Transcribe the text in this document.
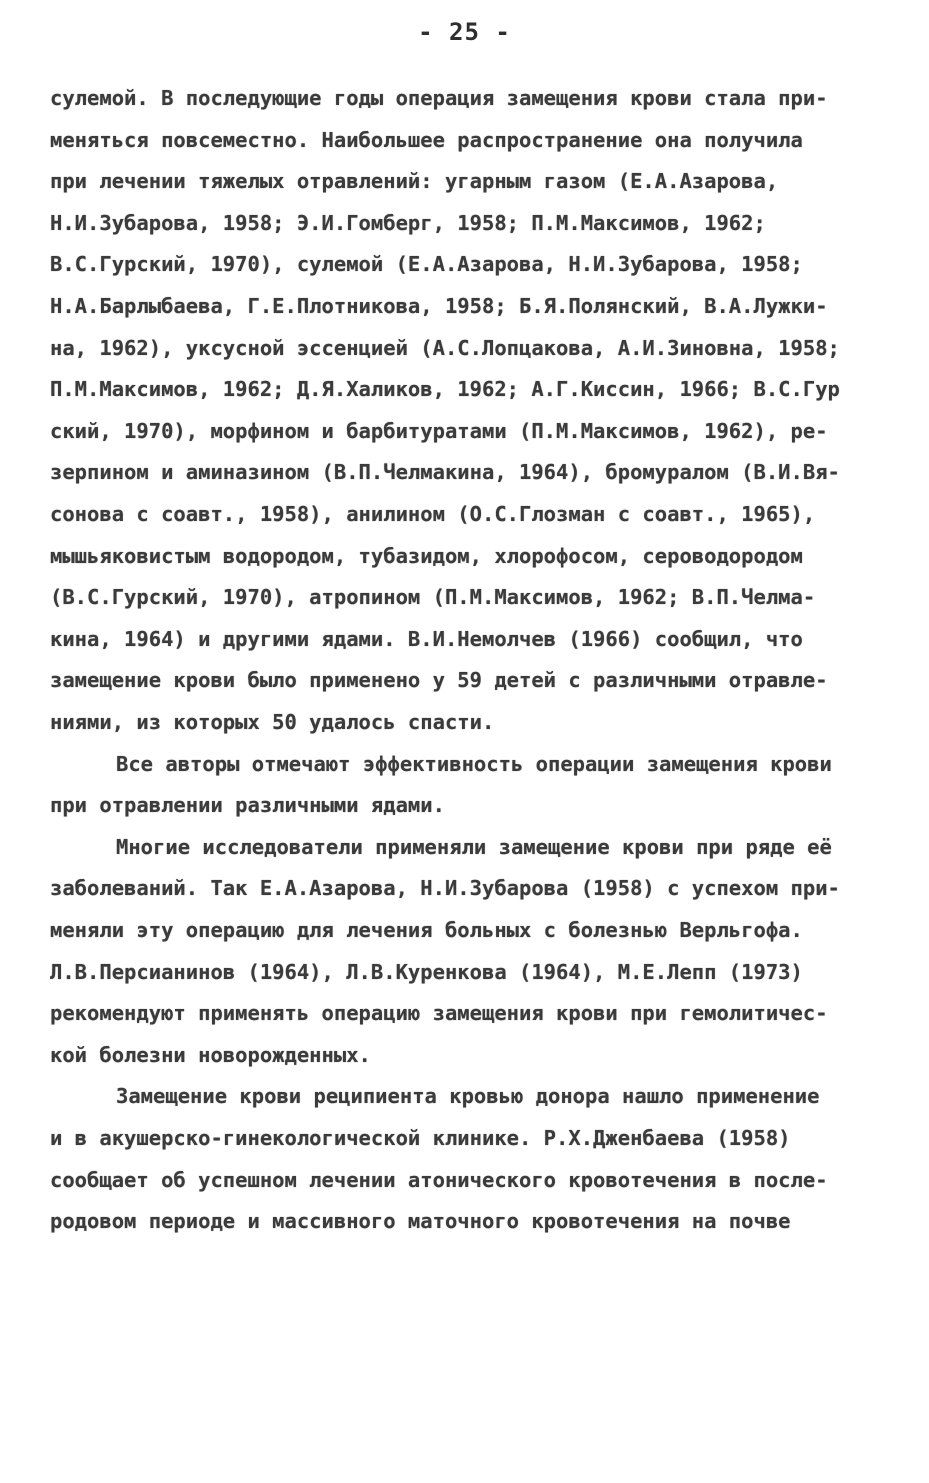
- 25 -
сулемой. В последующие годы операция замещения крови стала при-
меняться повсеместно. Наибольшее распространение она получила
при лечении тяжелых отравлений: угарным газом (Е.А.Азарова,
Н.И.Зубарова, 1958; Э.И.Гомберг, 1958; П.М.Максимов, 1962;
В.С.Гурский, 1970), сулемой (Е.А.Азарова, Н.И.Зубарова, 1958;
Н.А.Барлыбаева, Г.Е.Плотникова, 1958; Б.Я.Полянский, В.А.Лужки-
на, 1962), уксусной эссенцией (А.С.Лопцакова, А.И.Зиновна, 1958;
П.М.Максимов, 1962; Д.Я.Халиков, 1962; А.Г.Киссин, 1966; В.С.Гур
ский, 1970), морфином и барбитуратами (П.М.Максимов, 1962), ре-
зерпином и аминазином (В.П.Челмакина, 1964), бромуралом (В.И.Вя-
сонова с соавт., 1958), анилином (О.С.Глозман с соавт., 1965),
мышьяковистым водородом, тубазидом, хлорофосом, сероводородом
(В.С.Гурский, 1970), атропином (П.М.Максимов, 1962; В.П.Челма-
кина, 1964) и другими ядами. В.И.Немолчев (1966) сообщил, что
замещение крови было применено у 59 детей с различными отравле-
ниями, из которых 50 удалось спасти.
Все авторы отмечают эффективность операции замещения крови
при отравлении различными ядами.
Многие исследователи применяли замещение крови при ряде её
заболеваний. Так Е.А.Азарова, Н.И.Зубарова (1958) с успехом при-
меняли эту операцию для лечения больных с болезнью Верльгофа.
Л.В.Персианинов (1964), Л.В.Куренкова (1964), М.Е.Лепп (1973)
рекомендуют применять операцию замещения крови при гемолитичес-
кой болезни новорожденных.
Замещение крови реципиента кровью донора нашло применение
и в акушерско-гинекологической клинике. Р.Х.Дженбаева (1958)
сообщает об успешном лечении атонического кровотечения в после-
родовом периоде и массивного маточного кровотечения на почве
